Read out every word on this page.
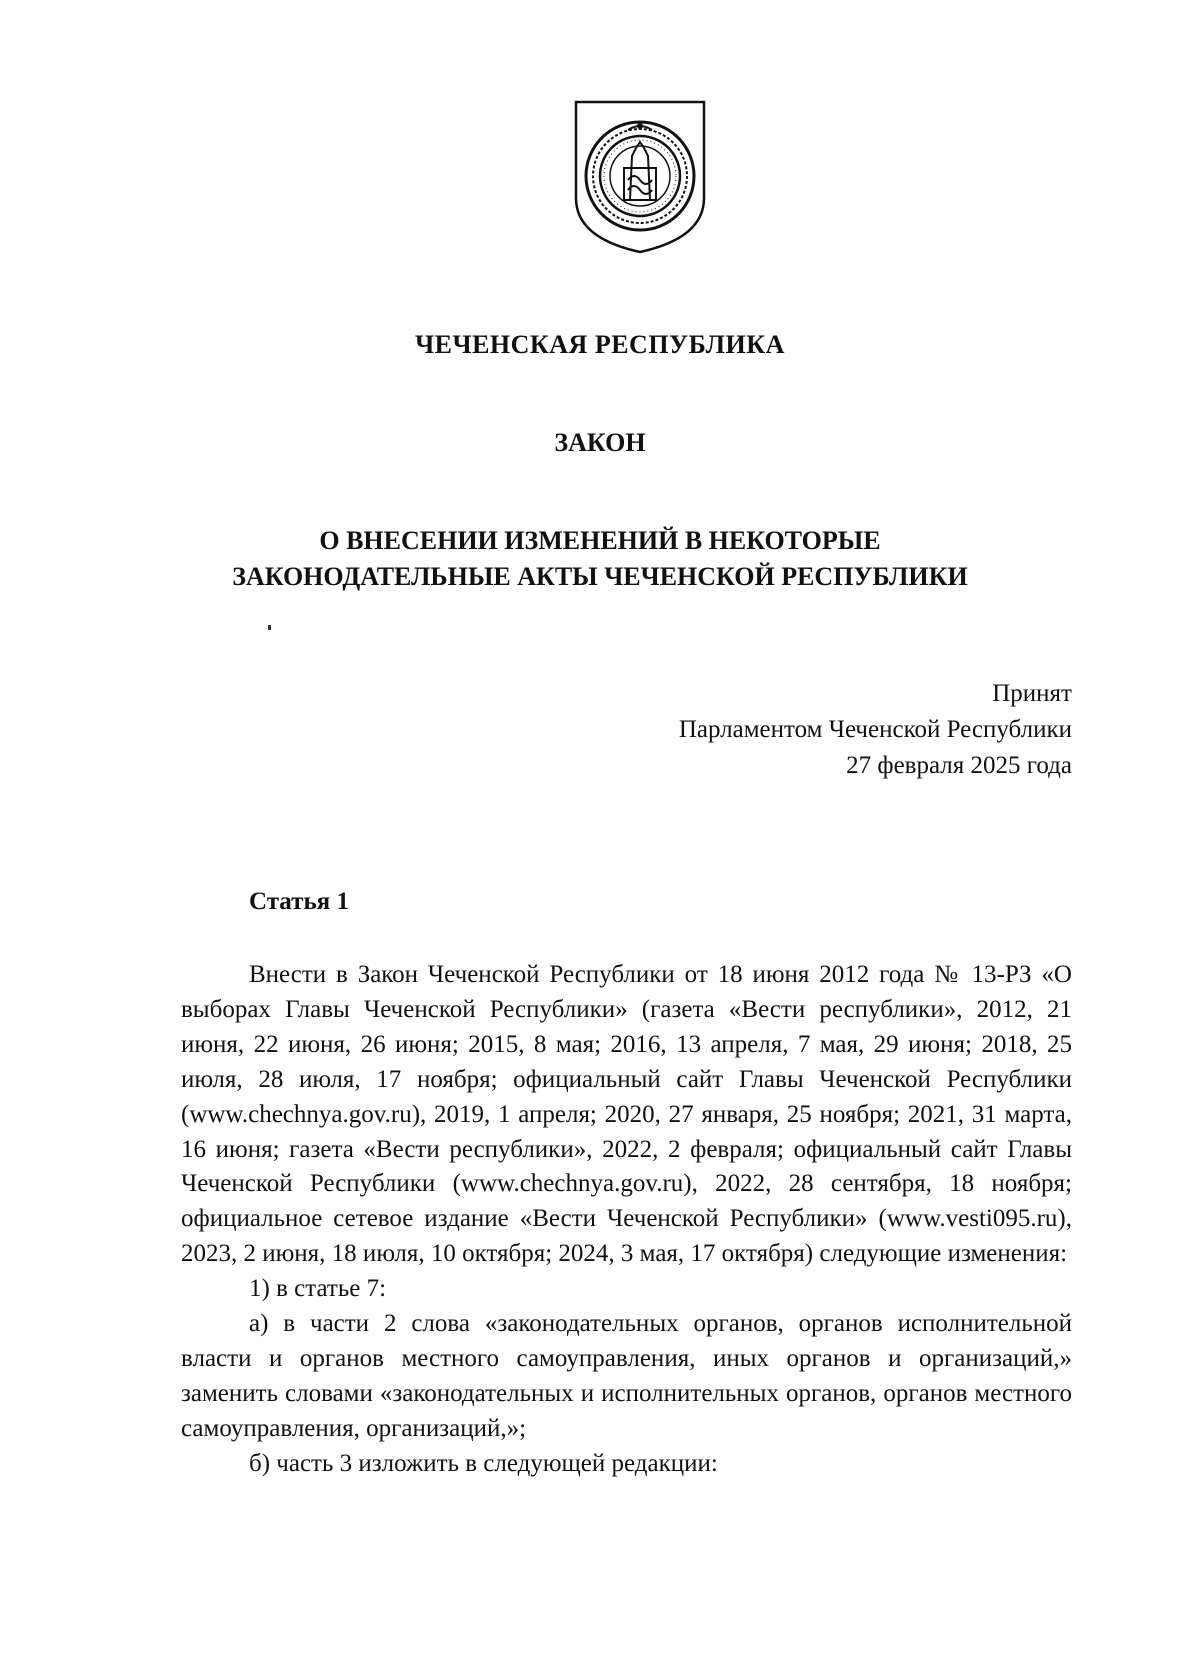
ЧЕЧЕНСКАЯ РЕСПУБЛИКА
ЗАКОН
О ВНЕСЕНИИ ИЗМЕНЕНИЙ В НЕКОТОРЫЕ
ЗАКОНОДАТЕЛЬНЫЕ АКТЫ ЧЕЧЕНСКОЙ РЕСПУБЛИКИ
Принят
Парламентом Чеченской Республики
27 февраля 2025 года
Статья 1

Внести в Закон Чеченской Республики от 18 июня 2012 года № 13-РЗ «О выборах Главы Чеченской Республики» (газета «Вести республики», 2012, 21 июня, 22 июня, 26 июня; 2015, 8 мая; 2016, 13 апреля, 7 мая, 29 июня; 2018, 25 июля, 28 июля, 17 ноября; официальный сайт Главы Чеченской Республики (www.chechnya.gov.ru), 2019, 1 апреля; 2020, 27 января, 25 ноября; 2021, 31 марта, 16 июня; газета «Вести республики», 2022, 2 февраля; официальный сайт Главы Чеченской Республики (www.chechnya.gov.ru), 2022, 28 сентября, 18 ноября; официальное сетевое издание «Вести Чеченской Республики» (www.vesti095.ru), 2023, 2 июня, 18 июля, 10 октября; 2024, 3 мая, 17 октября) следующие изменения:

1) в статье 7:

а) в части 2 слова «законодательных органов, органов исполнительной власти и органов местного самоуправления, иных органов и организаций,» заменить словами «законодательных и исполнительных органов, органов местного самоуправления, организаций,»;

б) часть 3 изложить в следующей редакции:
